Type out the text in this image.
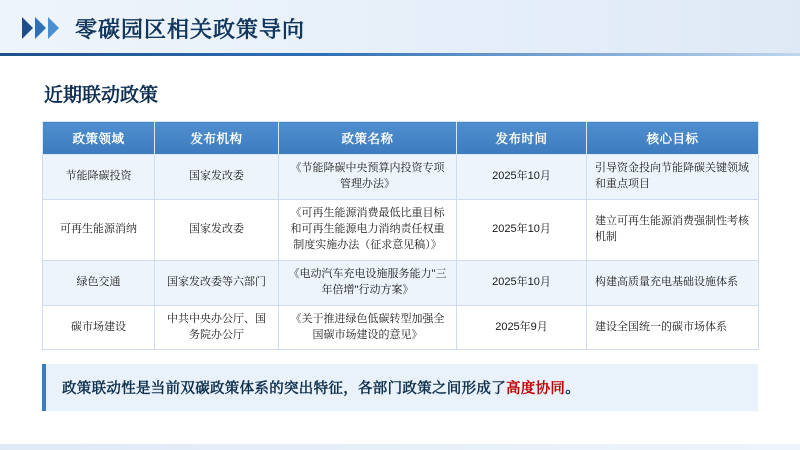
零碳园区相关政策导向
近期联动政策
政策领域	发布机构	政策名称	发布时间	核心目标
节能降碳投资	国家发改委	《节能降碳中央预算内投资专项管理办法》	2025年10月	引导资金投向节能降碳关键领域和重点项目
可再生能源消纳	国家发改委	《可再生能源消费最低比重目标和可再生能源电力消纳责任权重制度实施办法（征求意见稿）》	2025年10月	建立可再生能源消费强制性考核机制
绿色交通	国家发改委等六部门	《电动汽车充电设施服务能力"三年倍增"行动方案》	2025年10月	构建高质量充电基础设施体系
碳市场建设	中共中央办公厅、国务院办公厅	《关于推进绿色低碳转型加强全国碳市场建设的意见》	2025年9月	建设全国统一的碳市场体系
政策联动性是当前双碳政策体系的突出特征，各部门政策之间形成了高度协同。
